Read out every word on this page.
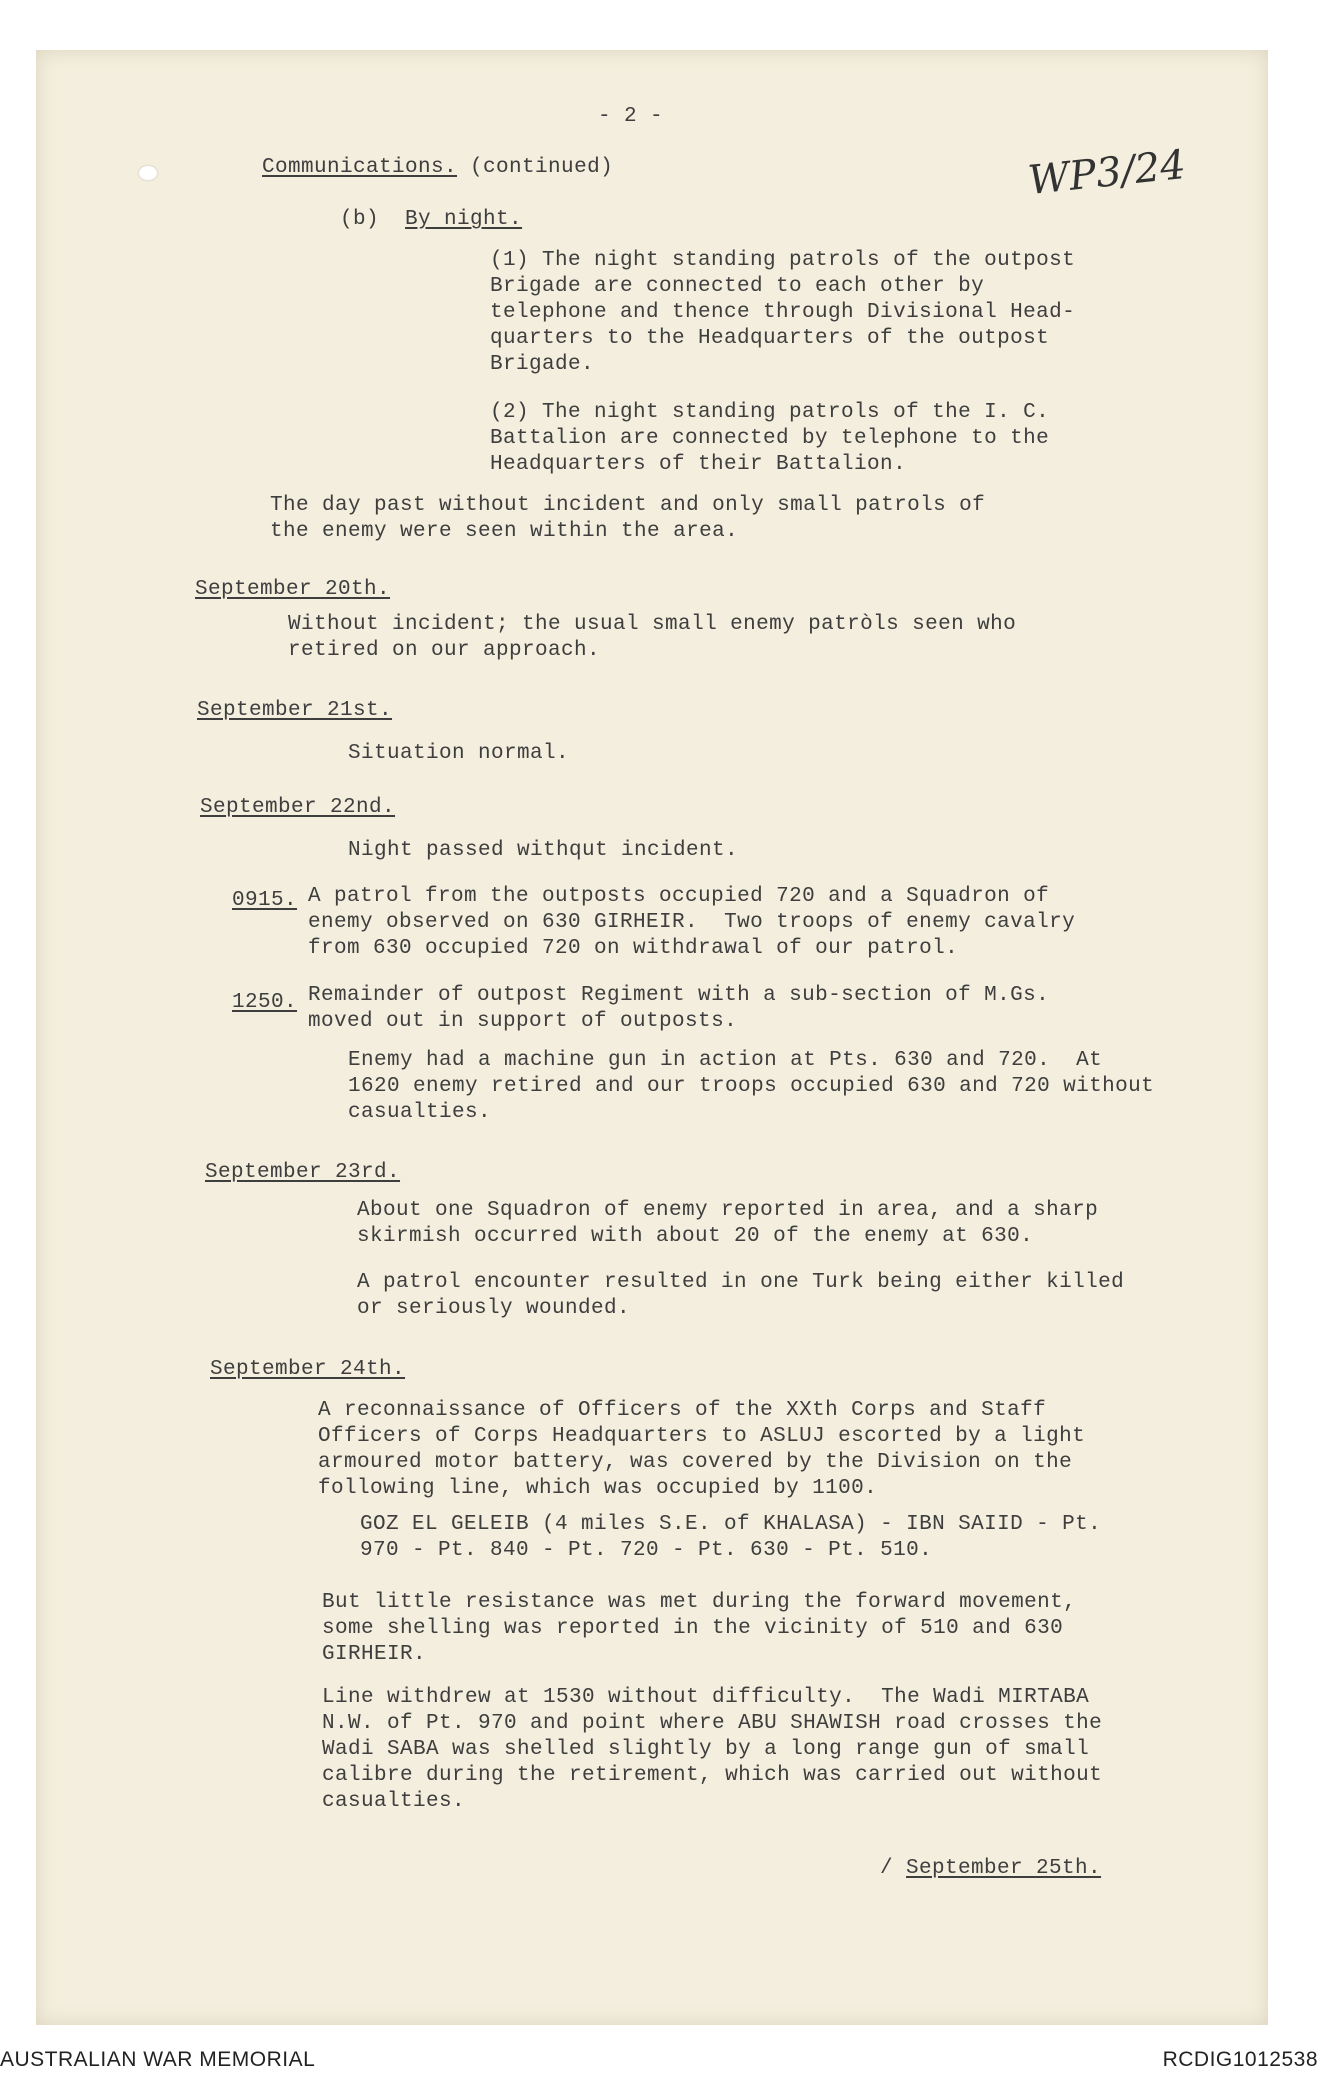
- 2 -
WP3/24
Communications. (continued)
(b) By night.
(1) The night standing patrols of the outpost
Brigade are connected to each other by
telephone and thence through Divisional Head-
quarters to the Headquarters of the outpost
Brigade.
(2) The night standing patrols of the I. C.
Battalion are connected by telephone to the
Headquarters of their Battalion.
The day past without incident and only small patrols of
the enemy were seen within the area.
September 20th.
Without incident; the usual small enemy patròls seen who
retired on our approach.
September 21st.
Situation normal.
September 22nd.
Night passed withqut incident.
0915. A patrol from the outposts occupied 720 and a Squadron of
enemy observed on 630 GIRHEIR.  Two troops of enemy cavalry
from 630 occupied 720 on withdrawal of our patrol.
1250. Remainder of outpost Regiment with a sub-section of M.Gs.
moved out in support of outposts.
Enemy had a machine gun in action at Pts. 630 and 720.  At
1620 enemy retired and our troops occupied 630 and 720 without
casualties.
September 23rd.
About one Squadron of enemy reported in area, and a sharp
skirmish occurred with about 20 of the enemy at 630.
A patrol encounter resulted in one Turk being either killed
or seriously wounded.
September 24th.
A reconnaissance of Officers of the XXth Corps and Staff
Officers of Corps Headquarters to ASLUJ escorted by a light
armoured motor battery, was covered by the Division on the
following line, which was occupied by 1100.
GOZ EL GELEIB (4 miles S.E. of KHALASA) - IBN SAIID - Pt.
970 - Pt. 840 - Pt. 720 - Pt. 630 - Pt. 510.
But little resistance was met during the forward movement,
some shelling was reported in the vicinity of 510 and 630
GIRHEIR.
Line withdrew at 1530 without difficulty.  The Wadi MIRTABA
N.W. of Pt. 970 and point where ABU SHAWISH road crosses the
Wadi SABA was shelled slightly by a long range gun of small
calibre during the retirement, which was carried out without
casualties.
/ September 25th.
AUSTRALIAN WAR MEMORIAL	RCDIG1012538
